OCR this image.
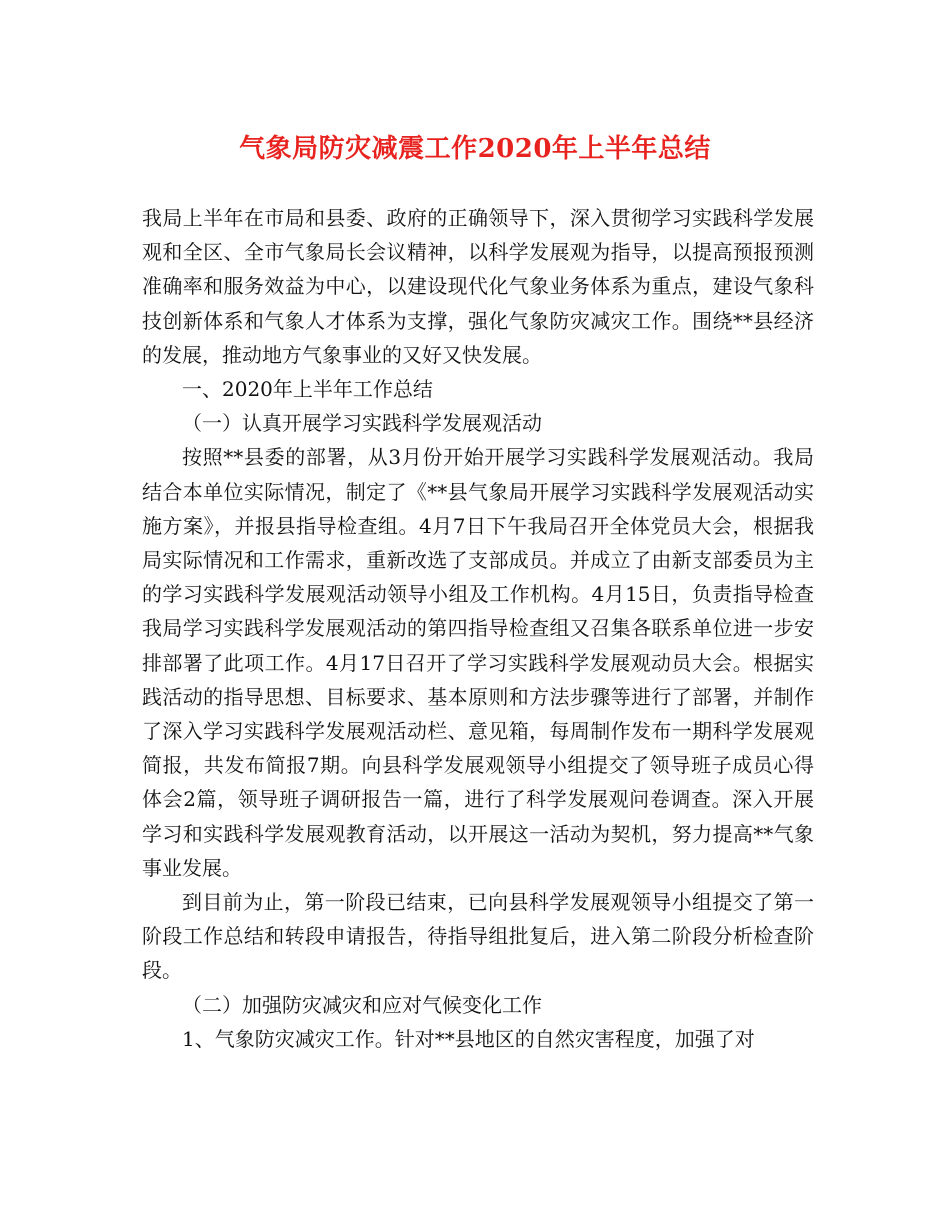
气象局防灾减震工作2020年上半年总结

我局上半年在市局和县委、政府的正确领导下，深入贯彻学习实践科学发展观和全区、全市气象局长会议精神，以科学发展观为指导，以提高预报预测准确率和服务效益为中心，以建设现代化气象业务体系为重点，建设气象科技创新体系和气象人才体系为支撑，强化气象防灾减灾工作。围绕**县经济的发展，推动地方气象事业的又好又快发展。

一、2020年上半年工作总结

（一）认真开展学习实践科学发展观活动

按照**县委的部署，从3月份开始开展学习实践科学发展观活动。我局结合本单位实际情况，制定了《**县气象局开展学习实践科学发展观活动实施方案》，并报县指导检查组。4月7日下午我局召开全体党员大会，根据我局实际情况和工作需求，重新改选了支部成员。并成立了由新支部委员为主的学习实践科学发展观活动领导小组及工作机构。4月15日，负责指导检查我局学习实践科学发展观活动的第四指导检查组又召集各联系单位进一步安排部署了此项工作。4月17日召开了学习实践科学发展观动员大会。根据实践活动的指导思想、目标要求、基本原则和方法步骤等进行了部署，并制作了深入学习实践科学发展观活动栏、意见箱，每周制作发布一期科学发展观简报，共发布简报7期。向县科学发展观领导小组提交了领导班子成员心得体会2篇，领导班子调研报告一篇，进行了科学发展观问卷调查。深入开展学习和实践科学发展观教育活动，以开展这一活动为契机，努力提高**气象事业发展。

到目前为止，第一阶段已结束，已向县科学发展观领导小组提交了第一阶段工作总结和转段申请报告，待指导组批复后，进入第二阶段分析检查阶段。

（二）加强防灾减灾和应对气候变化工作

1、气象防灾减灾工作。针对**县地区的自然灾害程度，加强了对
